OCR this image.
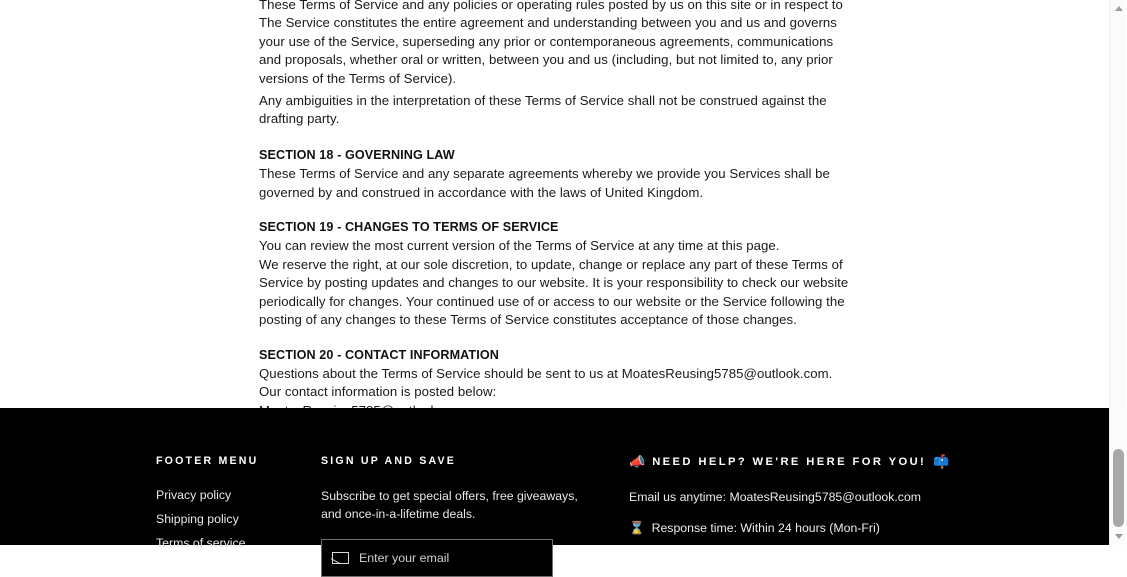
These Terms of Service and any policies or operating rules posted by us on this site or in respect to The Service constitutes the entire agreement and understanding between you and us and governs your use of the Service, superseding any prior or contemporaneous agreements, communications and proposals, whether oral or written, between you and us (including, but not limited to, any prior versions of the Terms of Service).

Any ambiguities in the interpretation of these Terms of Service shall not be construed against the drafting party.

SECTION 18 - GOVERNING LAW

These Terms of Service and any separate agreements whereby we provide you Services shall be governed by and construed in accordance with the laws of United Kingdom.

SECTION 19 - CHANGES TO TERMS OF SERVICE

You can review the most current version of the Terms of Service at any time at this page.

We reserve the right, at our sole discretion, to update, change or replace any part of these Terms of Service by posting updates and changes to our website. It is your responsibility to check our website periodically for changes. Your continued use of or access to our website or the Service following the posting of any changes to these Terms of Service constitutes acceptance of those changes.

SECTION 20 - CONTACT INFORMATION

Questions about the Terms of Service should be sent to us at MoatesReusing5785@outlook.com.

Our contact information is posted below:

FOOTER MENU
Privacy policy
Shipping policy
Terms of service
SIGN UP AND SAVE

Subscribe to get special offers, free giveaways, and once-in-a-lifetime deals.

Enter your email
📣 NEED HELP? WE'RE HERE FOR YOU! 📫

Email us anytime: MoatesReusing5785@outlook.com

⌛ Response time: Within 24 hours (Mon-Fri)
